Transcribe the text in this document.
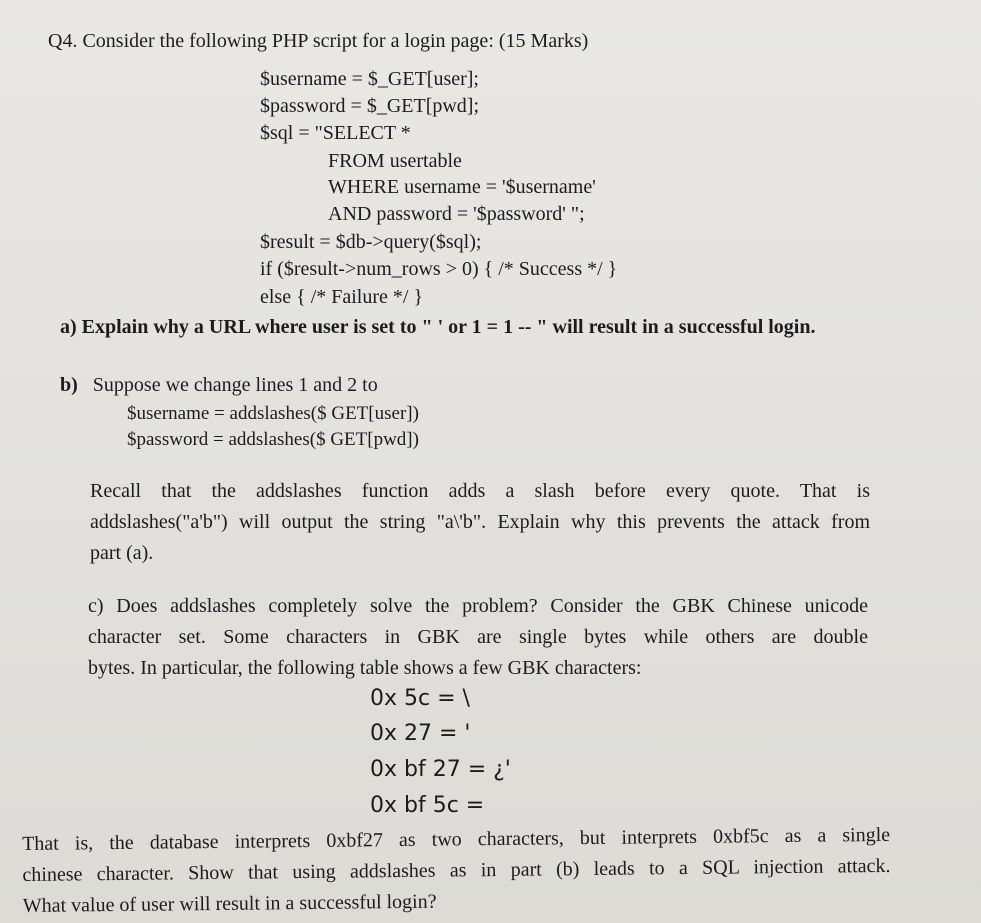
Q4. Consider the following PHP script for a login page: (15 Marks)
$username = $_GET[user];
$password = $_GET[pwd];
$sql = "SELECT *
FROM usertable
WHERE username = '$username'
AND password = '$password' ";
$result = $db->query($sql);
if ($result->num_rows > 0) { /* Success */ }
else { /* Failure */ }
a) Explain why a URL where user is set to " ' or 1 = 1 -- " will result in a successful login.
b) Suppose we change lines 1 and 2 to
$username = addslashes($ GET[user])
$password = addslashes($ GET[pwd])
Recall that the addslashes function adds a slash before every quote. That is
addslashes("a'b") will output the string "a\'b". Explain why this prevents the attack from
part (a).
c) Does addslashes completely solve the problem? Consider the GBK Chinese unicode
character set. Some characters in GBK are single bytes while others are double
bytes. In particular, the following table shows a few GBK characters:
0x 5c = \
0x 27 = '
0x bf 27 = ¿'
0x bf 5c =
That is, the database interprets 0xbf27 as two characters, but interprets 0xbf5c as a single
chinese character. Show that using addslashes as in part (b) leads to a SQL injection attack.
What value of user will result in a successful login?
